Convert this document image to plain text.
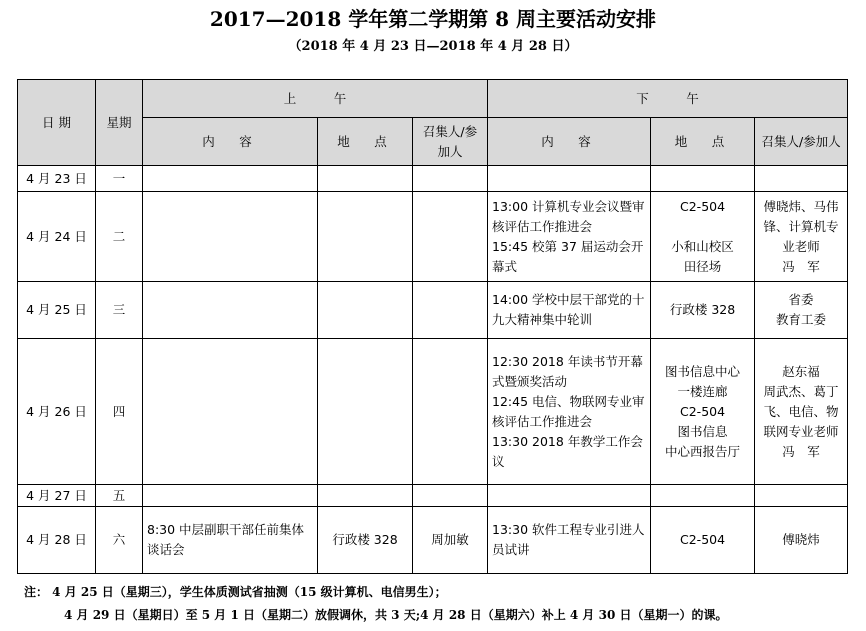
2017—2018 学年第二学期第 8 周主要活动安排
（2018 年 4 月 23 日—2018 年 4 月 28 日）
日 期	星期	上　　　午			下　　　午		
		内　容	地　点	召集人/参加人	内　容	地　点	召集人/参加人
4 月 23 日	一						
4 月 24 日	二				13:00 计算机专业会议暨审核评估工作推进会
15:45 校第 37 届运动会开幕式	C2-504

小和山校区
田径场	傅晓炜、马伟锋、计算机专业老师
冯　军
4 月 25 日	三				14:00 学校中层干部党的十九大精神集中轮训	行政楼 328	省委
教育工委
4 月 26 日	四				12:30 2018 年读书节开幕式暨颁奖活动
12:45 电信、物联网专业审核评估工作推进会
13:30 2018 年教学工作会议	图书信息中心
一楼连廊
C2-504
图书信息
中心西报告厅	赵东福
周武杰、葛丁飞、电信、物联网专业老师
冯　军
4 月 27 日	五						
4 月 28 日	六	8:30 中层副职干部任前集体谈话会	行政楼 328	周加敏	13:30 软件工程专业引进人员试讲	C2-504	傅晓炜
注： 4 月 25 日（星期三），学生体质测试省抽测（15 级计算机、电信男生）；
4 月 29 日（星期日）至 5 月 1 日（星期二）放假调休，共 3 天;4 月 28 日（星期六）补上 4 月 30 日（星期一）的课。
